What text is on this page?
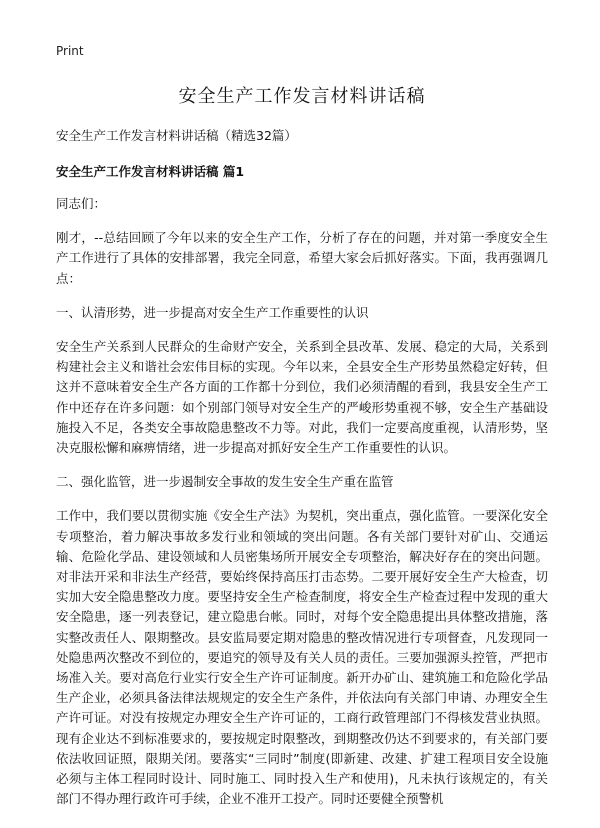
Print
安全生产工作发言材料讲话稿
安全生产工作发言材料讲话稿（精选32篇）
安全生产工作发言材料讲话稿 篇1
同志们：
刚才，--总结回顾了今年以来的安全生产工作，分析了存在的问题，并对第一季度安全生产工作进行了具体的安排部署，我完全同意，希望大家会后抓好落实。下面，我再强调几点：
一、认清形势，进一步提高对安全生产工作重要性的认识
安全生产关系到人民群众的生命财产安全，关系到全县改革、发展、稳定的大局，关系到构建社会主义和谐社会宏伟目标的实现。今年以来，全县安全生产形势虽然稳定好转，但这并不意味着安全生产各方面的工作都十分到位，我们必须清醒的看到，我县安全生产工作中还存在许多问题：如个别部门领导对安全生产的严峻形势重视不够，安全生产基础设施投入不足，各类安全事故隐患整改不力等。对此，我们一定要高度重视，认清形势，坚决克服松懈和麻痹情绪，进一步提高对抓好安全生产工作重要性的认识。
二、强化监管，进一步遏制安全事故的发生安全生产重在监管
工作中，我们要以贯彻实施《安全生产法》为契机，突出重点，强化监管。一要深化安全专项整治，着力解决事故多发行业和领域的突出问题。各有关部门要针对矿山、交通运输、危险化学品、建设领域和人员密集场所开展安全专项整治，解决好存在的突出问题。对非法开采和非法生产经营，要始终保持高压打击态势。二要开展好安全生产大检查，切实加大安全隐患整改力度。要坚持安全生产检查制度，将安全生产检查过程中发现的重大安全隐患，逐一列表登记，建立隐患台帐。同时，对每个安全隐患提出具体整改措施，落实整改责任人、限期整改。县安监局要定期对隐患的整改情况进行专项督查，凡发现同一处隐患两次整改不到位的，要追究的领导及有关人员的责任。三要加强源头控管，严把市场准入关。要对高危行业实行安全生产许可证制度。新开办矿山、建筑施工和危险化学品生产企业，必须具备法律法规规定的安全生产条件，并依法向有关部门申请、办理安全生产许可证。对没有按规定办理安全生产许可证的，工商行政管理部门不得核发营业执照。现有企业达不到标准要求的，要按规定时限整改，到期整改仍达不到要求的，有关部门要依法收回证照，限期关闭。要落实“三同时”制度(即新建、改建、扩建工程项目安全设施必须与主体工程同时设计、同时施工、同时投入生产和使用)，凡未执行该规定的，有关部门不得办理行政许可手续，企业不准开工投产。同时还要健全预警机
